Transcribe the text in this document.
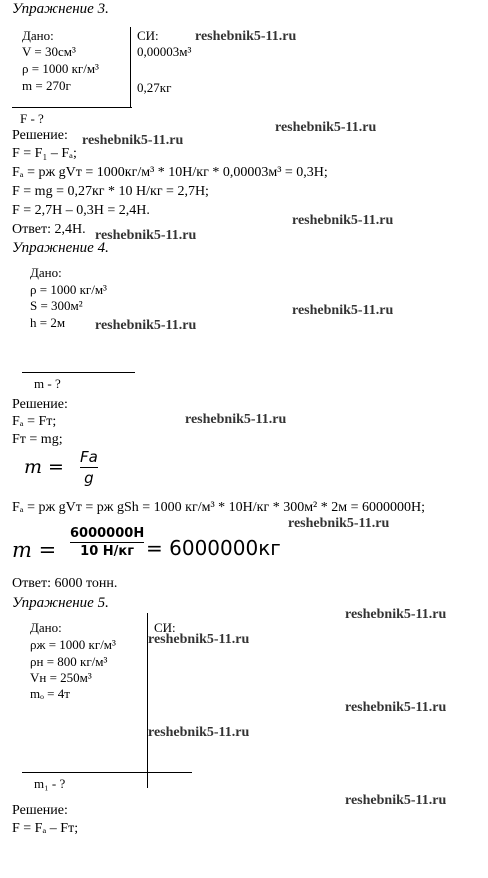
Упражнение 3.
Дано:
V = 30см³
ρ = 1000 кг/м³
m = 270г
СИ:
0,00003м³
0,27кг
F - ?
Решение:
F = F₁ – Fₐ;
Fₐ = pж gVт = 1000кг/м³ * 10Н/кг * 0,00003м³ = 0,3Н;
F = mg = 0,27кг * 10 Н/кг = 2,7Н;
F = 2,7Н – 0,3Н = 2,4Н.
Ответ: 2,4Н.
Упражнение 4.
Дано:
ρ = 1000 кг/м³
S = 300м²
h = 2м
m - ?
Решение:
Fₐ = Fт;
Fт = mg;
m = Fa
g
Fₐ = pж gVт = pж gSh = 1000 кг/м³ * 10Н/кг * 300м² * 2м = 6000000Н;
m =
6000000H
10 Н/кг = 6000000кг
Ответ: 6000 тонн.
Упражнение 5.
Дано:
ρж = 1000 кг/м³
ρн = 800 кг/м³
Vн = 250м³
mₒ = 4т
СИ:
m₁ - ?
Решение:
F = Fₐ – Fт;
reshebnik5-11.ru
reshebnik5-11.ru
reshebnik5-11.ru
reshebnik5-11.ru
reshebnik5-11.ru
reshebnik5-11.ru
reshebnik5-11.ru
reshebnik5-11.ru
reshebnik5-11.ru
reshebnik5-11.ru
reshebnik5-11.ru
reshebnik5-11.ru
reshebnik5-11.ru
reshebnik5-11.ru
